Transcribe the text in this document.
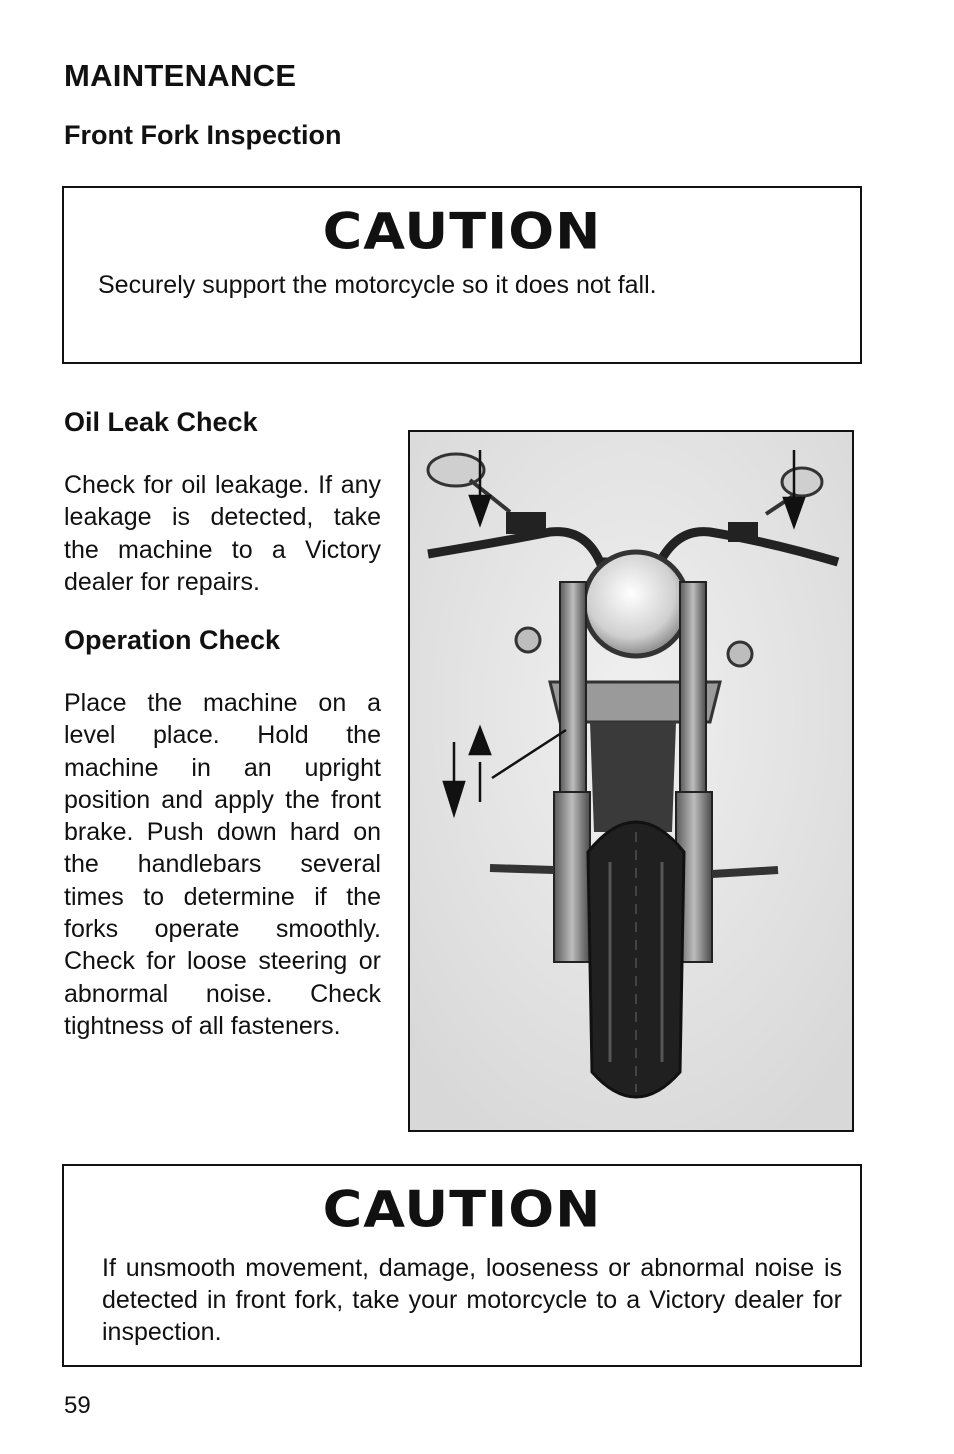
MAINTENANCE
Front Fork Inspection
CAUTION
Securely support the motorcycle so it does not fall.
Oil Leak Check
Check for oil leakage. If any leakage is detected, take the machine to a Victory dealer for repairs.
Operation Check
Place the machine on a level place. Hold the machine in an upright position and apply the front brake. Push down hard on the handlebars several times to determine if the forks operate smoothly. Check for loose steering or abnormal noise. Check tightness of all fasteners.
CAUTION
If unsmooth movement, damage, looseness or abnormal noise is detected in front fork, take your motorcycle to a Victory dealer for inspection.
59
